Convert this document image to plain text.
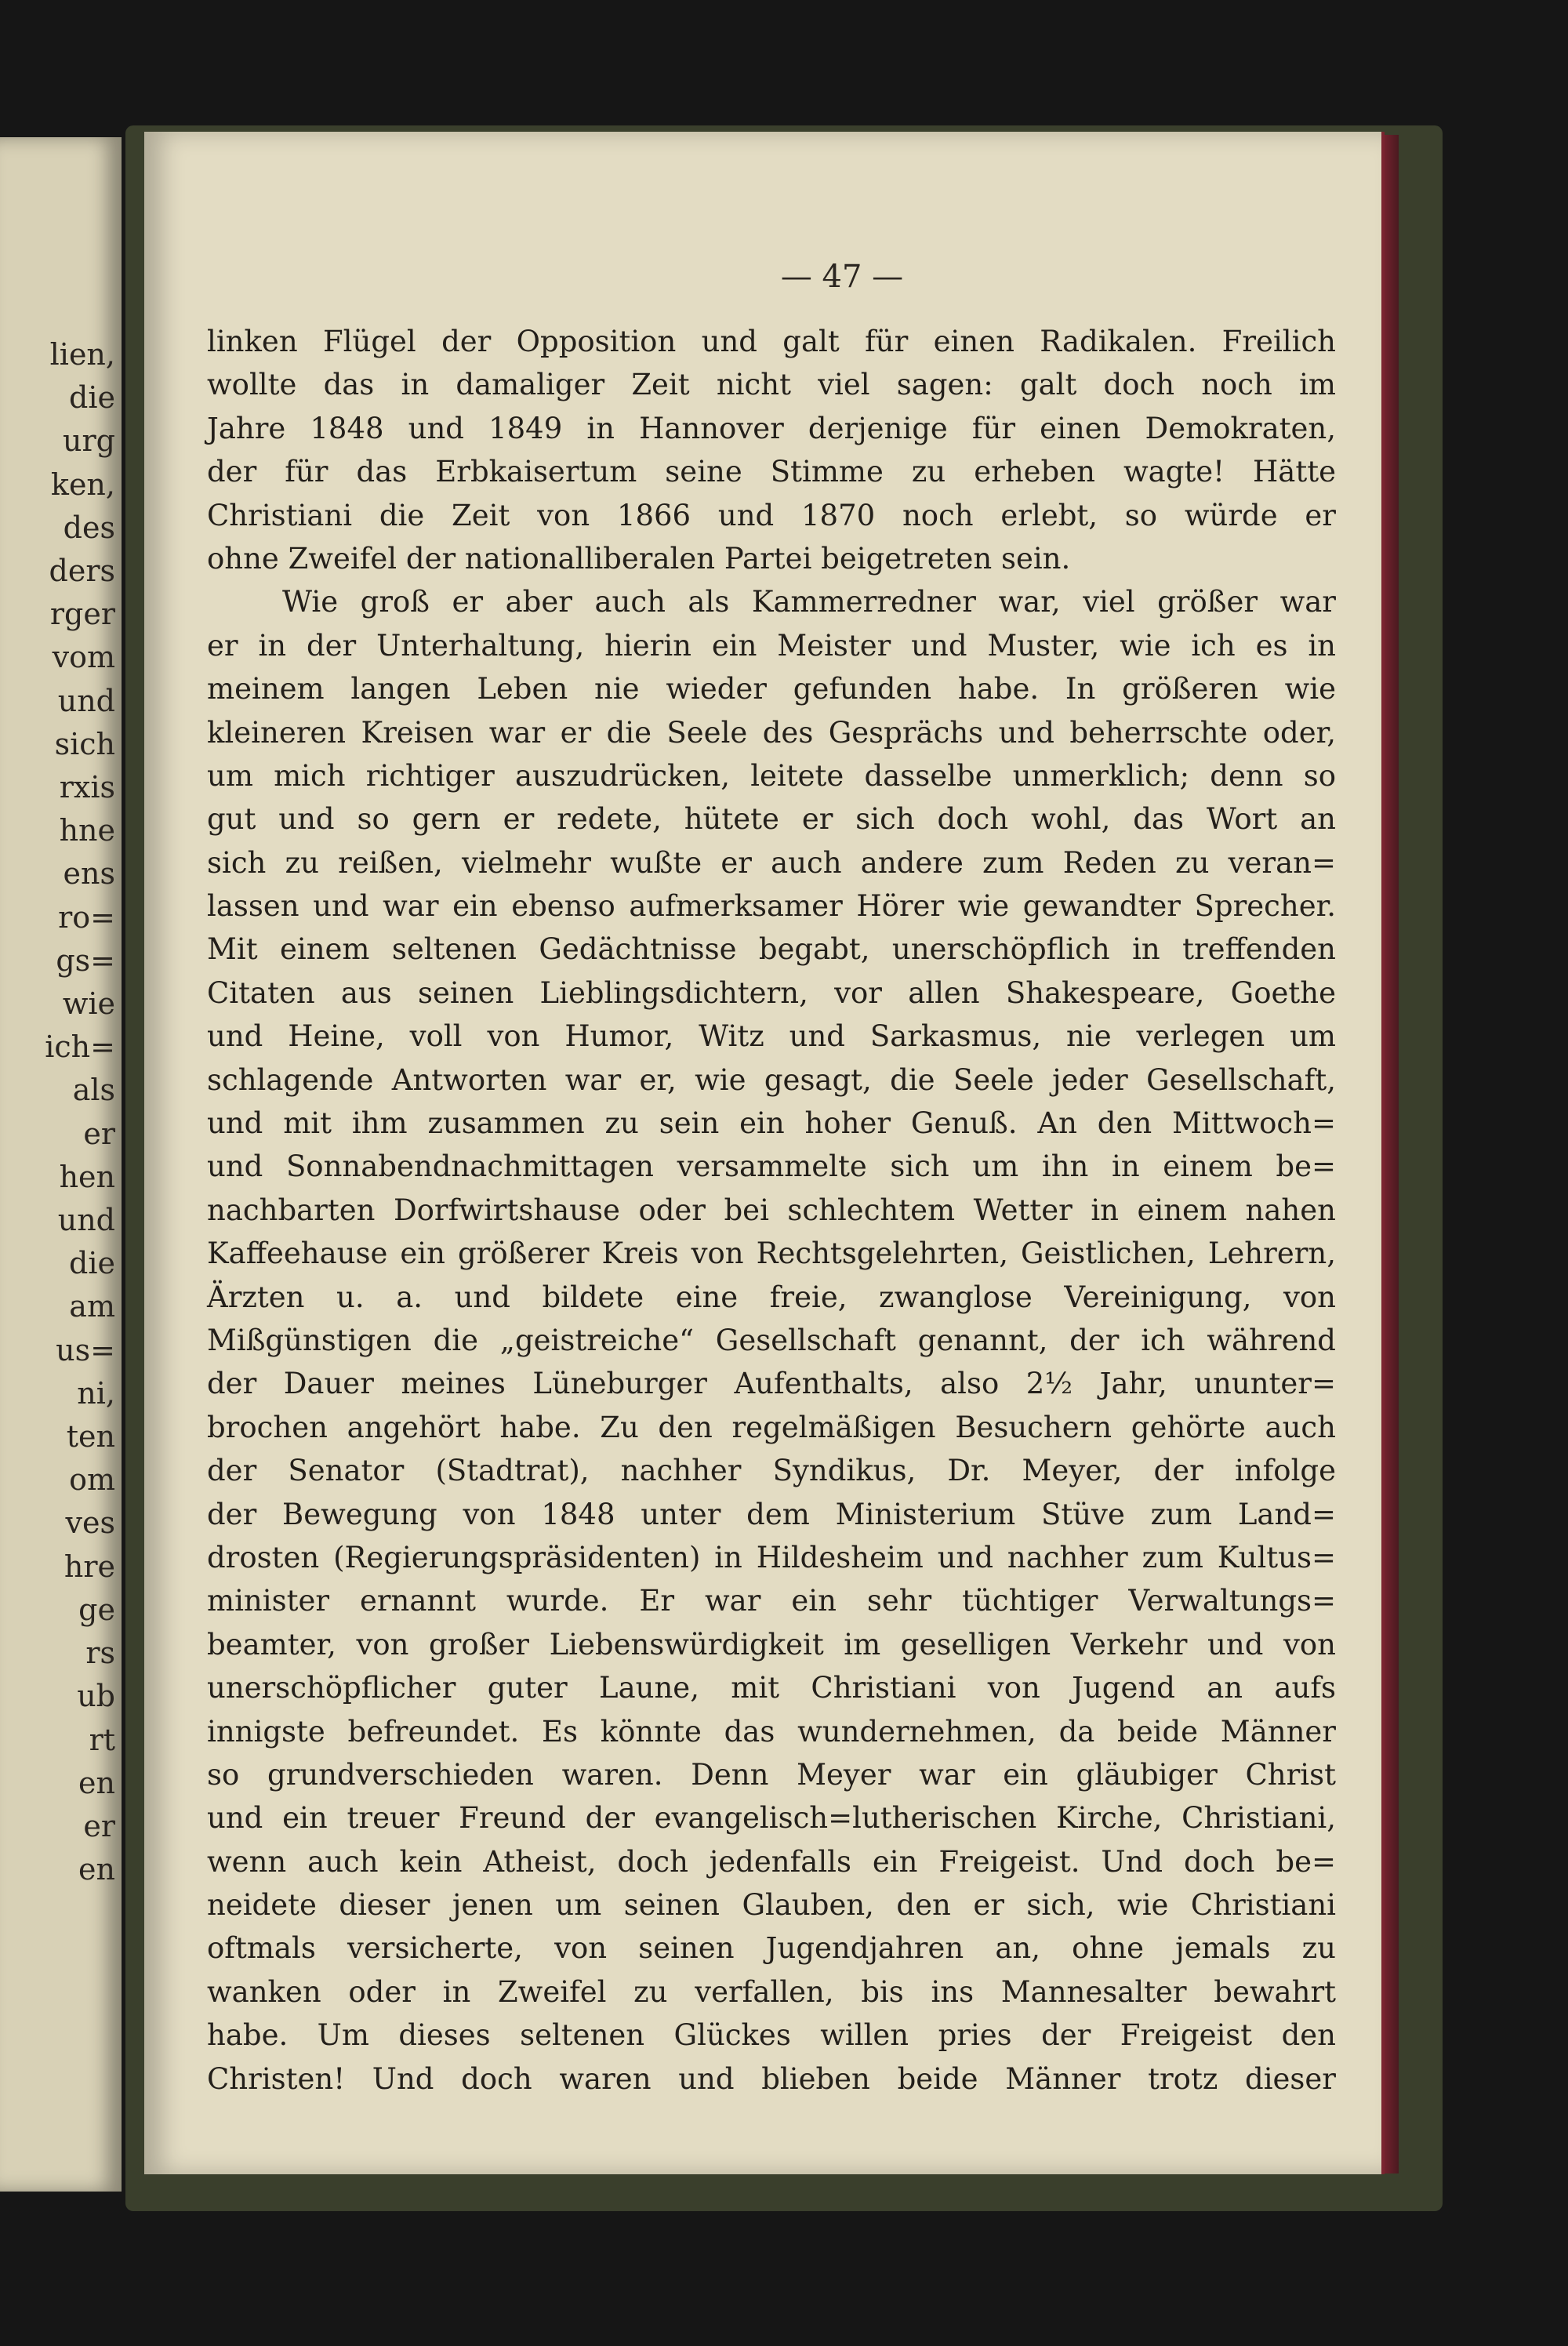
lien,
die
urg
ken,
des
ders
rger
vom
und
sich
rxis
hne
ens
ro=
gs=
wie
ich=
als
er
hen
und
die
am
us=
ni,
ten
om
ves
hre
ge
rs
ub
rt
en
er
en
— 47 —
linken Flügel der Opposition und galt für einen Radikalen. Freilich
wollte das in damaliger Zeit nicht viel sagen: galt doch noch im
Jahre 1848 und 1849 in Hannover derjenige für einen Demokraten,
der für das Erbkaisertum seine Stimme zu erheben wagte! Hätte
Christiani die Zeit von 1866 und 1870 noch erlebt, so würde er
ohne Zweifel der nationalliberalen Partei beigetreten sein.
Wie groß er aber auch als Kammerredner war, viel größer war
er in der Unterhaltung, hierin ein Meister und Muster, wie ich es in
meinem langen Leben nie wieder gefunden habe. In größeren wie
kleineren Kreisen war er die Seele des Gesprächs und beherrschte oder,
um mich richtiger auszudrücken, leitete dasselbe unmerklich; denn so
gut und so gern er redete, hütete er sich doch wohl, das Wort an
sich zu reißen, vielmehr wußte er auch andere zum Reden zu veran=
lassen und war ein ebenso aufmerksamer Hörer wie gewandter Sprecher.
Mit einem seltenen Gedächtnisse begabt, unerschöpflich in treffenden
Citaten aus seinen Lieblingsdichtern, vor allen Shakespeare, Goethe
und Heine, voll von Humor, Witz und Sarkasmus, nie verlegen um
schlagende Antworten war er, wie gesagt, die Seele jeder Gesellschaft,
und mit ihm zusammen zu sein ein hoher Genuß. An den Mittwoch=
und Sonnabendnachmittagen versammelte sich um ihn in einem be=
nachbarten Dorfwirtshause oder bei schlechtem Wetter in einem nahen
Kaffeehause ein größerer Kreis von Rechtsgelehrten, Geistlichen, Lehrern,
Ärzten u. a. und bildete eine freie, zwanglose Vereinigung, von
Mißgünstigen die „geistreiche“ Gesellschaft genannt, der ich während
der Dauer meines Lüneburger Aufenthalts, also 2½ Jahr, ununter=
brochen angehört habe. Zu den regelmäßigen Besuchern gehörte auch
der Senator (Stadtrat), nachher Syndikus, Dr. Meyer, der infolge
der Bewegung von 1848 unter dem Ministerium Stüve zum Land=
drosten (Regierungspräsidenten) in Hildesheim und nachher zum Kultus=
minister ernannt wurde. Er war ein sehr tüchtiger Verwaltungs=
beamter, von großer Liebenswürdigkeit im geselligen Verkehr und von
unerschöpflicher guter Laune, mit Christiani von Jugend an aufs
innigste befreundet. Es könnte das wundernehmen, da beide Männer
so grundverschieden waren. Denn Meyer war ein gläubiger Christ
und ein treuer Freund der evangelisch=lutherischen Kirche, Christiani,
wenn auch kein Atheist, doch jedenfalls ein Freigeist. Und doch be=
neidete dieser jenen um seinen Glauben, den er sich, wie Christiani
oftmals versicherte, von seinen Jugendjahren an, ohne jemals zu
wanken oder in Zweifel zu verfallen, bis ins Mannesalter bewahrt
habe. Um dieses seltenen Glückes willen pries der Freigeist den
Christen! Und doch waren und blieben beide Männer trotz dieser
